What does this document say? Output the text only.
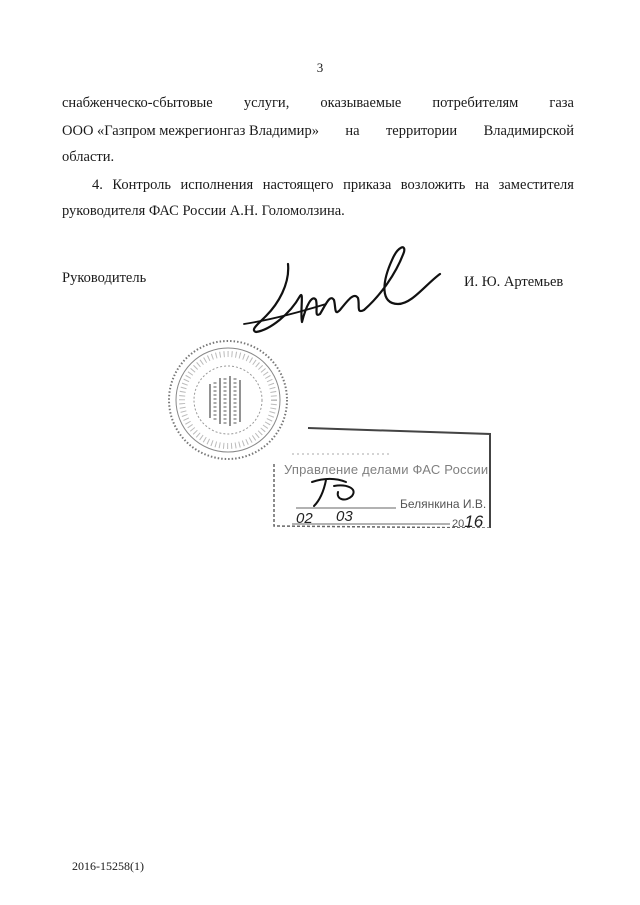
3
снабженческо-сбытовые услуги, оказываемые потребителям газа
ООО «Газпром межрегионгаз Владимир» на территории Владимирской
области.
4. Контроль исполнения настоящего приказа возложить на заместителя
руководителя ФАС России А.Н. Голомолзина.
Руководитель	И. Ю. Артемьев
Управление делами ФАС России
Белянкина И.В.
02 03	2016
2016-15258(1)
